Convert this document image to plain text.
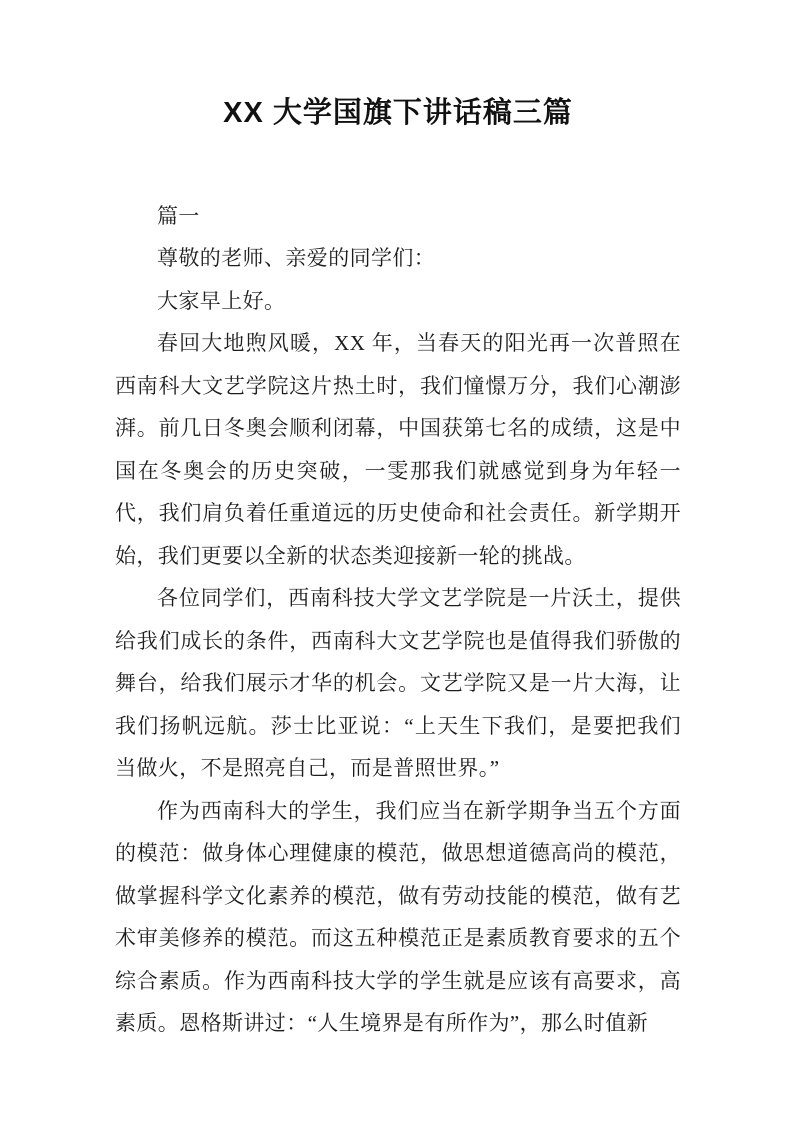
XX 大学国旗下讲话稿三篇

篇一

尊敬的老师、亲爱的同学们：

大家早上好。

春回大地煦风暖，XX 年，当春天的阳光再一次普照在西南科大文艺学院这片热土时，我们憧憬万分，我们心潮澎湃。前几日冬奥会顺利闭幕，中国获第七名的成绩，这是中国在冬奥会的历史突破，一雯那我们就感觉到身为年轻一代，我们肩负着任重道远的历史使命和社会责任。新学期开始，我们更要以全新的状态类迎接新一轮的挑战。

各位同学们，西南科技大学文艺学院是一片沃土，提供给我们成长的条件，西南科大文艺学院也是值得我们骄傲的舞台，给我们展示才华的机会。文艺学院又是一片大海，让我们扬帆远航。莎士比亚说：“上天生下我们，是要把我们当做火，不是照亮自己，而是普照世界。”

作为西南科大的学生，我们应当在新学期争当五个方面的模范：做身体心理健康的模范，做思想道德高尚的模范，做掌握科学文化素养的模范，做有劳动技能的模范，做有艺术审美修养的模范。而这五种模范正是素质教育要求的五个综合素质。作为西南科技大学的学生就是应该有高要求，高素质。恩格斯讲过：“人生境界是有所作为”，那么时值新
